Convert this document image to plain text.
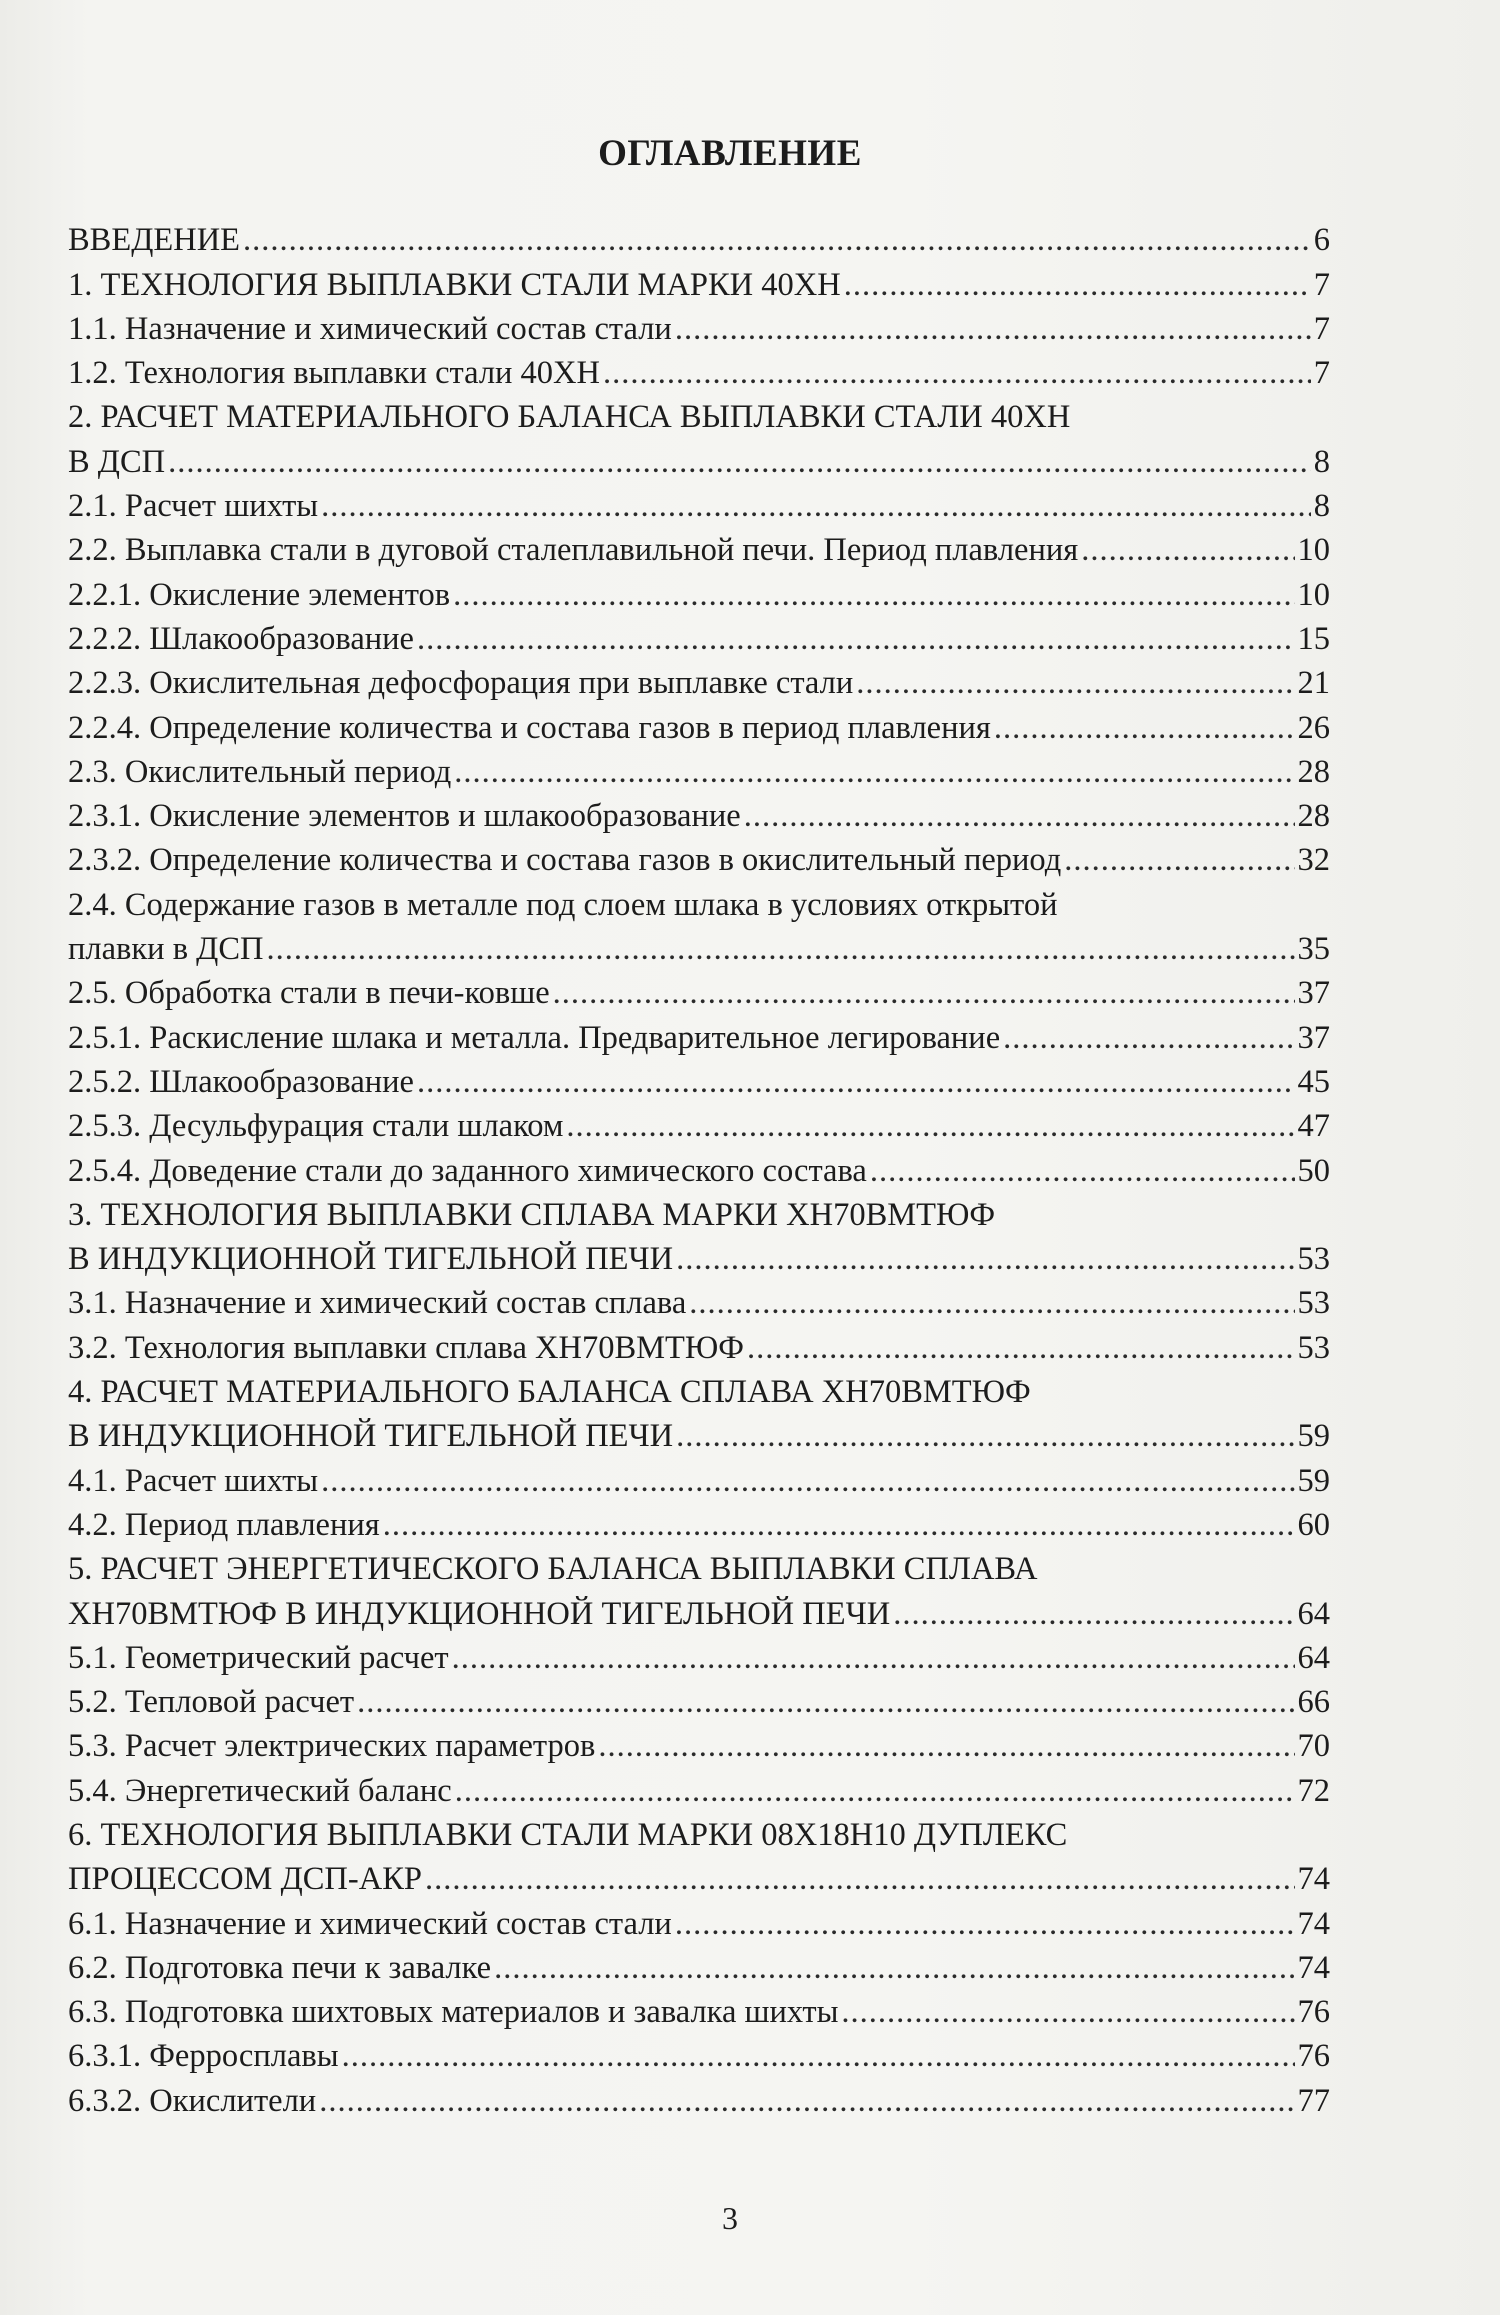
ОГЛАВЛЕНИЕ
ВВЕДЕНИЕ .....	6
1. ТЕХНОЛОГИЯ ВЫПЛАВКИ СТАЛИ МАРКИ 40ХН .....	7
1.1. Назначение и химический состав стали .....	7
1.2. Технология выплавки стали 40ХН .....	7
2. РАСЧЕТ МАТЕРИАЛЬНОГО БАЛАНСА ВЫПЛАВКИ СТАЛИ 40ХН
В ДСП .....	8
2.1. Расчет шихты .....	8
2.2. Выплавка стали в дуговой сталеплавильной печи. Период плавления .....	10
2.2.1. Окисление элементов .....	10
2.2.2. Шлакообразование .....	15
2.2.3. Окислительная дефосфорация при выплавке стали .....	21
2.2.4. Определение количества и состава газов в период плавления .....	26
2.3. Окислительный период .....	28
2.3.1. Окисление элементов и шлакообразование .....	28
2.3.2. Определение количества и состава газов в окислительный период .....	32
2.4. Содержание газов в металле под слоем шлака в условиях открытой
плавки в ДСП .....	35
2.5. Обработка стали в печи-ковше .....	37
2.5.1. Раскисление шлака и металла. Предварительное легирование .....	37
2.5.2. Шлакообразование .....	45
2.5.3. Десульфурация стали шлаком .....	47
2.5.4. Доведение стали до заданного химического состава .....	50
3. ТЕХНОЛОГИЯ ВЫПЛАВКИ СПЛАВА МАРКИ ХН70ВМТЮФ
В ИНДУКЦИОННОЙ ТИГЕЛЬНОЙ ПЕЧИ .....	53
3.1. Назначение и химический состав сплава .....	53
3.2. Технология выплавки сплава ХН70ВМТЮФ .....	53
4. РАСЧЕТ МАТЕРИАЛЬНОГО БАЛАНСА СПЛАВА ХН70ВМТЮФ
В ИНДУКЦИОННОЙ ТИГЕЛЬНОЙ ПЕЧИ .....	59
4.1. Расчет шихты .....	59
4.2. Период плавления .....	60
5. РАСЧЕТ ЭНЕРГЕТИЧЕСКОГО БАЛАНСА ВЫПЛАВКИ СПЛАВА
ХН70ВМТЮФ В ИНДУКЦИОННОЙ ТИГЕЛЬНОЙ ПЕЧИ .....	64
5.1. Геометрический расчет .....	64
5.2. Тепловой расчет .....	66
5.3. Расчет электрических параметров .....	70
5.4. Энергетический баланс .....	72
6. ТЕХНОЛОГИЯ ВЫПЛАВКИ СТАЛИ МАРКИ 08Х18Н10 ДУПЛЕКС
ПРОЦЕССОМ ДСП-АКР .....	74
6.1. Назначение и химический состав стали .....	74
6.2. Подготовка печи к завалке .....	74
6.3. Подготовка шихтовых материалов и завалка шихты .....	76
6.3.1. Ферросплавы .....	76
6.3.2. Окислители .....	77
3
